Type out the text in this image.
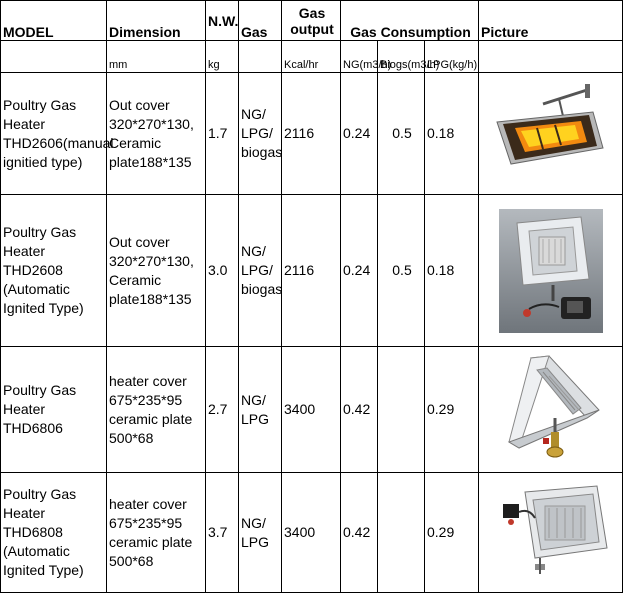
MODEL	Dimension	N.W.	Gas	Gas output	Gas Consumption			Picture
	mm	kg		Kcal/hr	NG(m3/h)	Biogs(m3/h)	LPG(kg/h)	
Poultry Gas Heater THD2606(manual ignitied type)	Out cover 320*270*130, Ceramic plate188*135	1.7	NG/ LPG/ biogas	2116	0.24	0.5	0.18	

Poultry Gas Heater THD2608 (Automatic Ignited Type)	Out cover 320*270*130, Ceramic plate188*135	3.0	NG/ LPG/ biogas	2116	0.24	0.5	0.18	

Poultry Gas Heater THD6806	heater cover 675*235*95 ceramic plate 500*68	2.7	NG/ LPG	3400	0.42		0.29	

Poultry Gas Heater THD6808 (Automatic Ignited Type)	heater cover 675*235*95 ceramic plate 500*68	3.7	NG/ LPG	3400	0.42		0.29	
